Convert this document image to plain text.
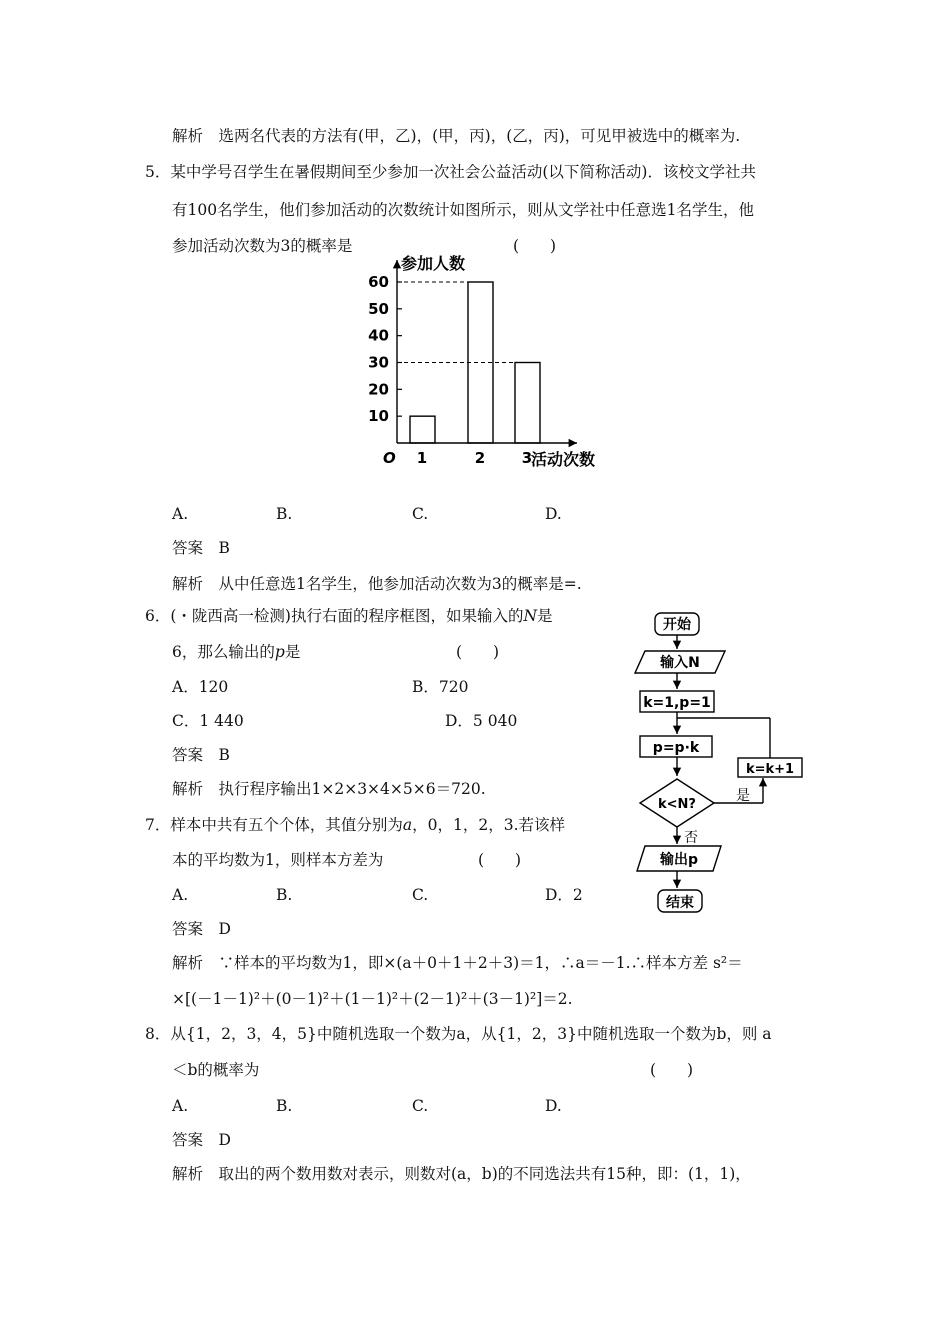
解析　选两名代表的方法有(甲，乙)，(甲，丙)，(乙，丙)，可见甲被选中的概率为.
5．某中学号召学生在暑假期间至少参加一次社会公益活动(以下简称活动)．该校文学社共
有100名学生，他们参加活动的次数统计如图所示，则从文学社中任意选1名学生，他
参加活动次数为3的概率是	(　　)
10
20
30
40
50
60
1	2 3
O
参加人数
活动次数
A.	B.	C.	D.
答案　B
解析　从中任意选1名学生，他参加活动次数为3的概率是=.
6．(・陇西高一检测)执行右面的程序框图，如果输入的N是
6，那么输出的p是	(　　)
A．120	B．720
C．1 440	D．5 040
答案　B
解析　执行程序输出1×2×3×4×5×6＝720.
开始
输入N
k=1,p=1
p=p·k
k<N?
k=k+1
输出p
结束
是
否
7．样本中共有五个个体，其值分别为a，0，1，2，3.若该样
本的平均数为1，则样本方差为	(　　)
A.	B.	C.	D．2
答案　D
解析　∵样本的平均数为1，即×(a＋0＋1＋2＋3)＝1，∴a＝－1.∴样本方差 s²＝
×[(－1－1)²＋(0－1)²＋(1－1)²＋(2－1)²＋(3－1)²]＝2.
8．从{1，2，3，4，5}中随机选取一个数为a，从{1，2，3}中随机选取一个数为b，则 a
＜b的概率为	(　　)
A.	B.	C.	D.
答案　D
解析　取出的两个数用数对表示，则数对(a，b)的不同选法共有15种，即：(1，1)，
